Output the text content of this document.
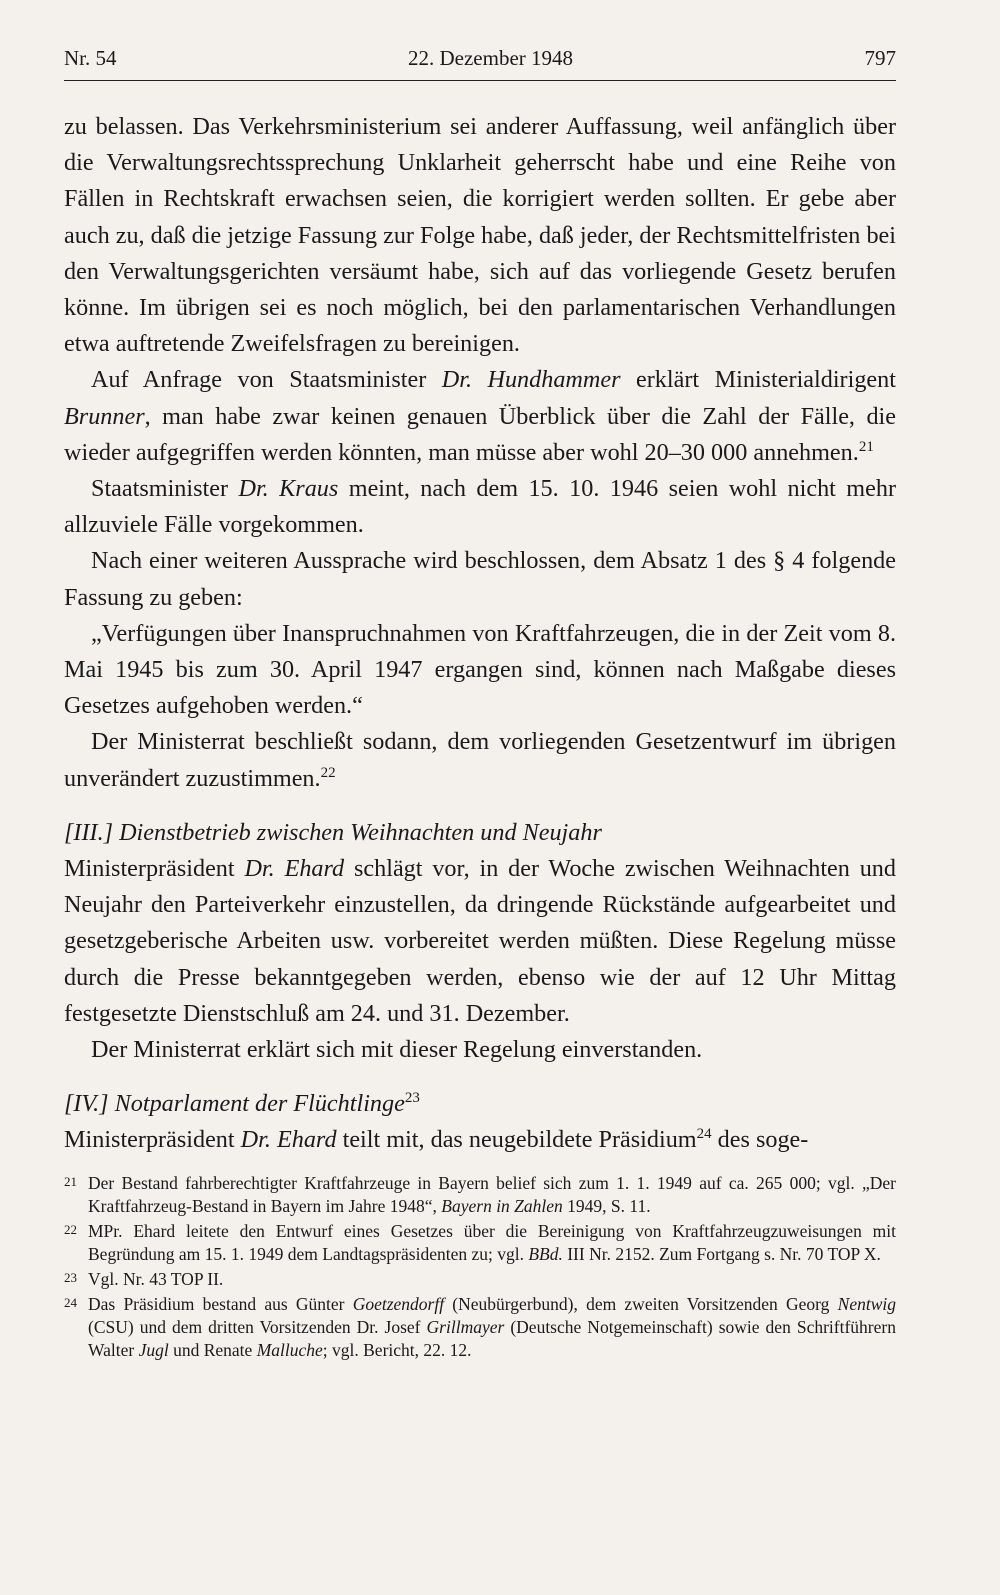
Nr. 54	22. Dezember 1948	797

zu belassen. Das Verkehrsministerium sei anderer Auffassung, weil anfänglich über die Verwaltungsrechtssprechung Unklarheit geherrscht habe und eine Reihe von Fällen in Rechtskraft erwachsen seien, die korrigiert werden sollten. Er gebe aber auch zu, daß die jetzige Fassung zur Folge habe, daß jeder, der Rechtsmittelfristen bei den Verwaltungsgerichten versäumt habe, sich auf das vorliegende Gesetz berufen könne. Im übrigen sei es noch möglich, bei den parlamentarischen Verhandlungen etwa auftretende Zweifelsfragen zu bereinigen.

Auf Anfrage von Staatsminister Dr. Hundhammer erklärt Ministerialdirigent Brunner, man habe zwar keinen genauen Überblick über die Zahl der Fälle, die wieder aufgegriffen werden könnten, man müsse aber wohl 20–30 000 annehmen.$^{21}$

Staatsminister Dr. Kraus meint, nach dem 15. 10. 1946 seien wohl nicht mehr allzuviele Fälle vorgekommen.

Nach einer weiteren Aussprache wird beschlossen, dem Absatz 1 des § 4 folgende Fassung zu geben:

„Verfügungen über Inanspruchnahmen von Kraftfahrzeugen, die in der Zeit vom 8. Mai 1945 bis zum 30. April 1947 ergangen sind, können nach Maßgabe dieses Gesetzes aufgehoben werden.“

Der Ministerrat beschließt sodann, dem vorliegenden Gesetzentwurf im übrigen unverändert zuzustimmen.$^{22}$

[III.] Dienstbetrieb zwischen Weihnachten und Neujahr

Ministerpräsident Dr. Ehard schlägt vor, in der Woche zwischen Weihnachten und Neujahr den Parteiverkehr einzustellen, da dringende Rückstände aufgearbeitet und gesetzgeberische Arbeiten usw. vorbereitet werden müßten. Diese Regelung müsse durch die Presse bekanntgegeben werden, ebenso wie der auf 12 Uhr Mittag festgesetzte Dienstschluß am 24. und 31. Dezember.

Der Ministerrat erklärt sich mit dieser Regelung einverstanden.

[IV.] Notparlament der Flüchtlinge$^{23}$

Ministerpräsident Dr. Ehard teilt mit, das neugebildete Präsidium$^{24}$ des soge-

21 Der Bestand fahrberechtigter Kraftfahrzeuge in Bayern belief sich zum 1. 1. 1949 auf ca. 265 000; vgl. „Der Kraftfahrzeug-Bestand in Bayern im Jahre 1948“, Bayern in Zahlen 1949, S. 11.
22 MPr. Ehard leitete den Entwurf eines Gesetzes über die Bereinigung von Kraftfahrzeugzuweisungen mit Begründung am 15. 1. 1949 dem Landtagspräsidenten zu; vgl. BBd. III Nr. 2152. Zum Fortgang s. Nr. 70 TOP X.
23 Vgl. Nr. 43 TOP II.
24 Das Präsidium bestand aus Günter Goetzendorff (Neubürgerbund), dem zweiten Vorsitzenden Georg Nentwig (CSU) und dem dritten Vorsitzenden Dr. Josef Grillmayer (Deutsche Notgemeinschaft) sowie den Schriftführern Walter Jugl und Renate Malluche; vgl. Bericht, 22. 12.
